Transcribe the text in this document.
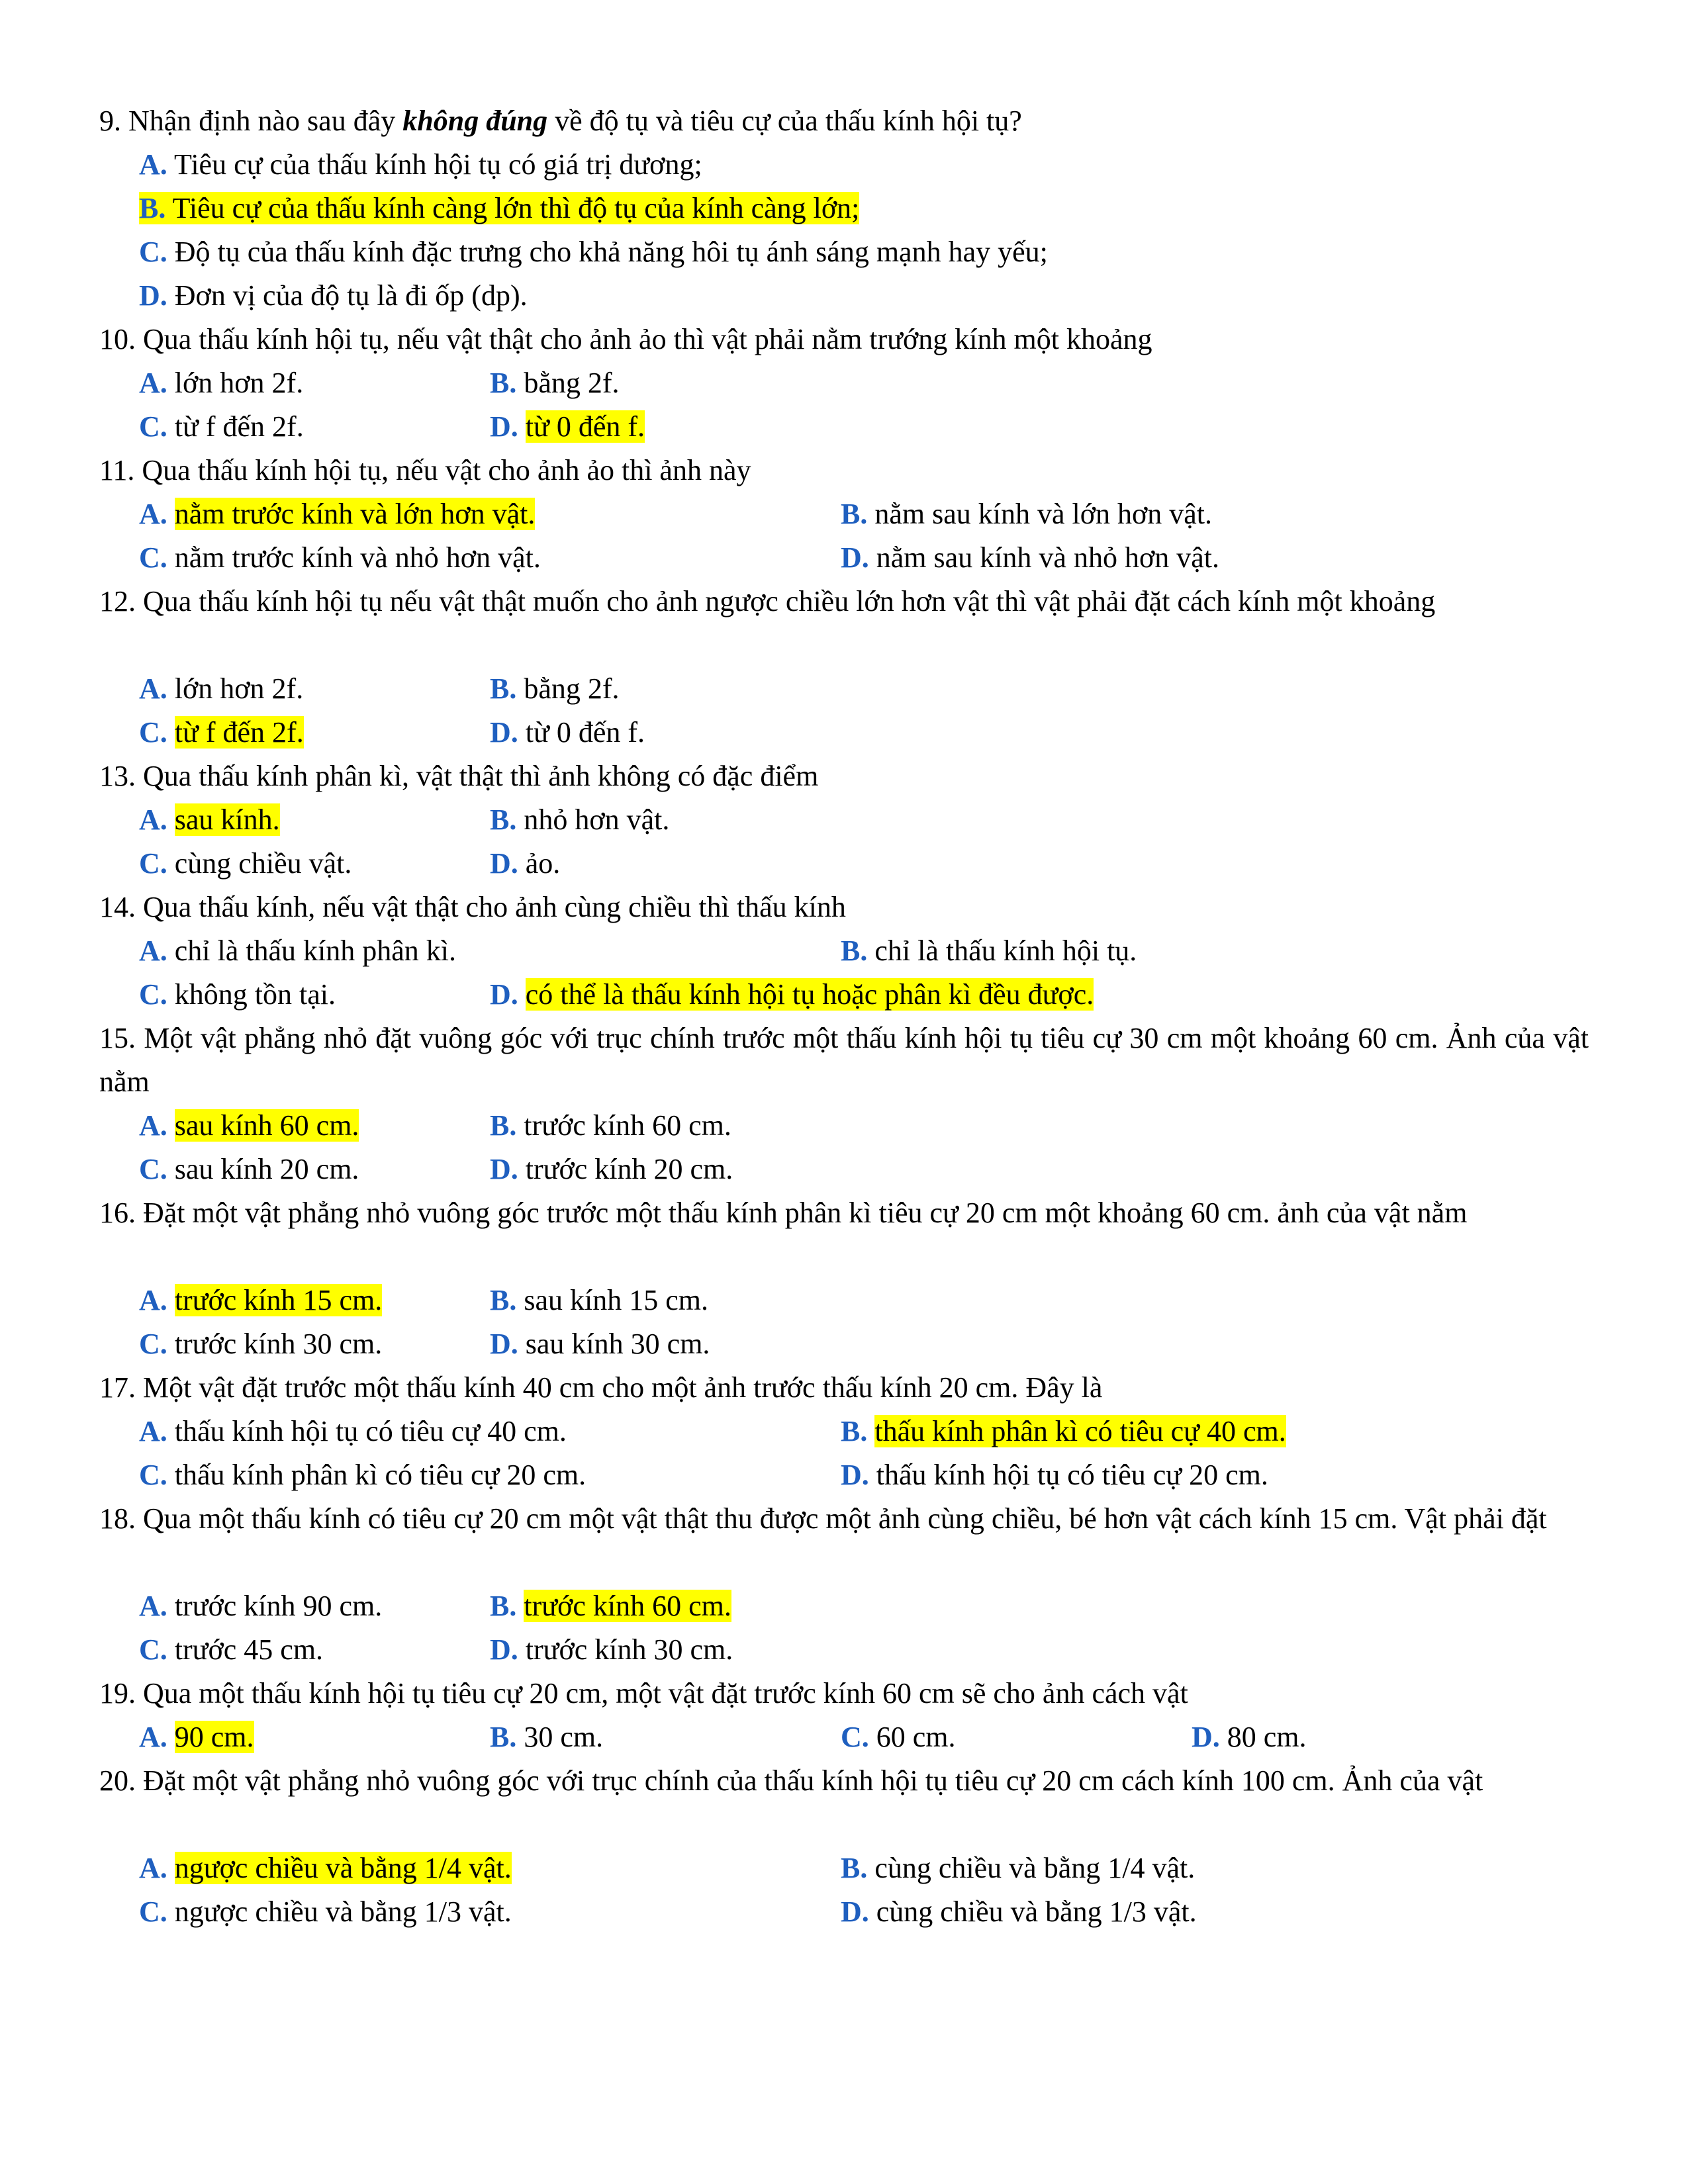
9. Nhận định nào sau đây không đúng về độ tụ và tiêu cự của thấu kính hội tụ?
A. Tiêu cự của thấu kính hội tụ có giá trị dương;
B. Tiêu cự của thấu kính càng lớn thì độ tụ của kính càng lớn;
C. Độ tụ của thấu kính đặc trưng cho khả năng hôi tụ ánh sáng mạnh hay yếu;
D. Đơn vị của độ tụ là đi ốp (dp).
10. Qua thấu kính hội tụ, nếu vật thật cho ảnh ảo thì vật phải nằm trướng kính một khoảng
A. lớn hơn 2f.	B. bằng 2f.
C. từ f đến 2f.	D. từ 0 đến f.
11. Qua thấu kính hội tụ, nếu vật cho ảnh ảo thì ảnh này
A. nằm trước kính và lớn hơn vật.	B. nằm sau kính và lớn hơn vật.
C. nằm trước kính và nhỏ hơn vật.	D. nằm sau kính và nhỏ hơn vật.
12. Qua thấu kính hội tụ nếu vật thật muốn cho ảnh ngược chiều lớn hơn vật thì vật phải đặt cách kính một khoảng
A. lớn hơn 2f.	B. bằng 2f.
C. từ f đến 2f.	D. từ 0 đến f.
13. Qua thấu kính phân kì, vật thật thì ảnh không có đặc điểm
A. sau kính.	B. nhỏ hơn vật.
C. cùng chiều vật.	D. ảo.
14. Qua thấu kính, nếu vật thật cho ảnh cùng chiều thì thấu kính
A. chỉ là thấu kính phân kì.	B. chỉ là thấu kính hội tụ.
C. không tồn tại.	D. có thể là thấu kính hội tụ hoặc phân kì đều được.
15. Một vật phẳng nhỏ đặt vuông góc với trục chính trước một thấu kính hội tụ tiêu cự 30 cm một khoảng 60 cm. Ảnh của vật nằm
A. sau kính 60 cm.	B. trước kính 60 cm.
C. sau kính 20 cm.	D. trước kính 20 cm.
16. Đặt một vật phẳng nhỏ vuông góc trước một thấu kính phân kì tiêu cự 20 cm một khoảng 60 cm. ảnh của vật nằm
A. trước kính 15 cm.	B. sau kính 15 cm.
C. trước kính 30 cm.	D. sau kính 30 cm.
17. Một vật đặt trước một thấu kính 40 cm cho một ảnh trước thấu kính 20 cm. Đây là
A. thấu kính hội tụ có tiêu cự 40 cm.	B. thấu kính phân kì có tiêu cự 40 cm.
C. thấu kính phân kì có tiêu cự 20 cm.	D. thấu kính hội tụ có tiêu cự 20 cm.
18. Qua một thấu kính có tiêu cự 20 cm một vật thật thu được một ảnh cùng chiều, bé hơn vật cách kính 15 cm. Vật phải đặt
A. trước kính 90 cm.	B. trước kính 60 cm.
C. trước 45 cm.	D. trước kính 30 cm.
19. Qua một thấu kính hội tụ tiêu cự 20 cm, một vật đặt trước kính 60 cm sẽ cho ảnh cách vật
A. 90 cm.	B. 30 cm.	C. 60 cm.	D. 80 cm.
20. Đặt một vật phẳng nhỏ vuông góc với trục chính của thấu kính hội tụ tiêu cự 20 cm cách kính 100 cm. Ảnh của vật
A. ngược chiều và bằng 1/4 vật.	B. cùng chiều và bằng 1/4 vật.
C. ngược chiều và bằng 1/3 vật.	D. cùng chiều và bằng 1/3 vật.
